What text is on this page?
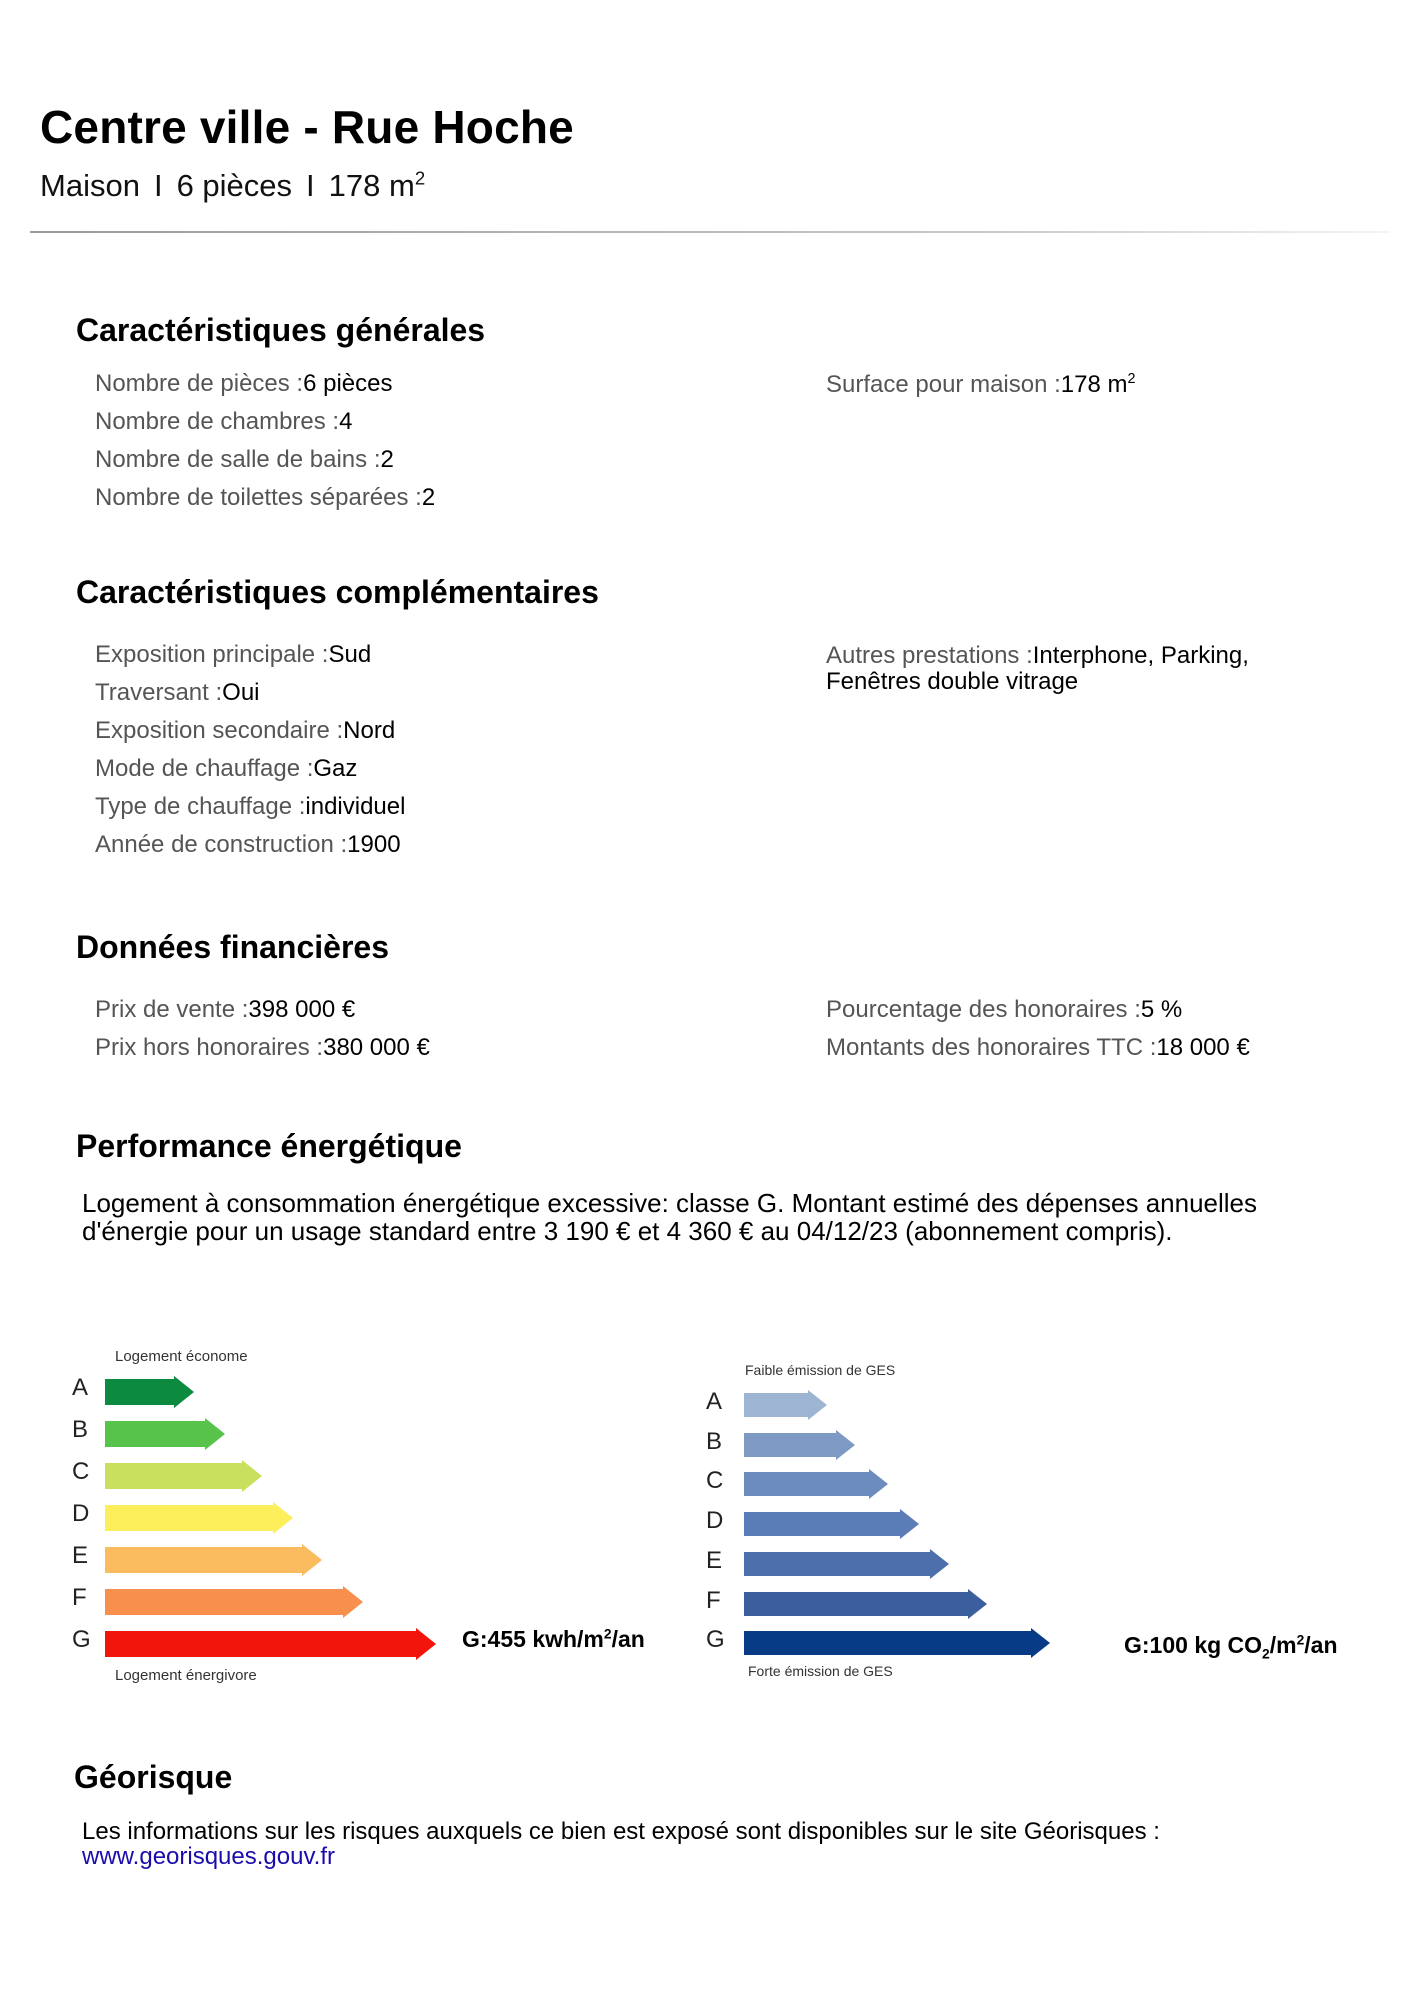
Centre ville - Rue Hoche
Maison I 6 pièces I 178 $m^2$
Caractéristiques générales
Nombre de pièces :6 pièces
Nombre de chambres :4
Nombre de salle de bains :2
Nombre de toilettes séparées :2
Surface pour maison :178 $m^2$
Caractéristiques complémentaires
Exposition principale :Sud
Traversant :Oui
Exposition secondaire :Nord
Mode de chauffage :Gaz
Type de chauffage :individuel
Année de construction :1900
Autres prestations :Interphone, Parking, Fenêtres double vitrage
Données financières
Prix de vente :398 000 €
Prix hors honoraires :380 000 €
Pourcentage des honoraires :5 %
Montants des honoraires TTC :18 000 €
Performance énergétique
Logement à consommation énergétique excessive: classe G. Montant estimé des dépenses annuelles d'énergie pour un usage standard entre 3 190 € et 4 360 € au 04/12/23 (abonnement compris).
Logement économe
A
B
C
D
E
F
G
Logement énergivore
G:455 kwh/$m^2/an$
Faible émission de GES
A
B
C
D
E
F
G
Forte émission de GES
G:100 kg $CO_2/m^2/an$
Géorisque
Les informations sur les risques auxquels ce bien est exposé sont disponibles sur le site Géorisques :
www.georisques.gouv.fr
